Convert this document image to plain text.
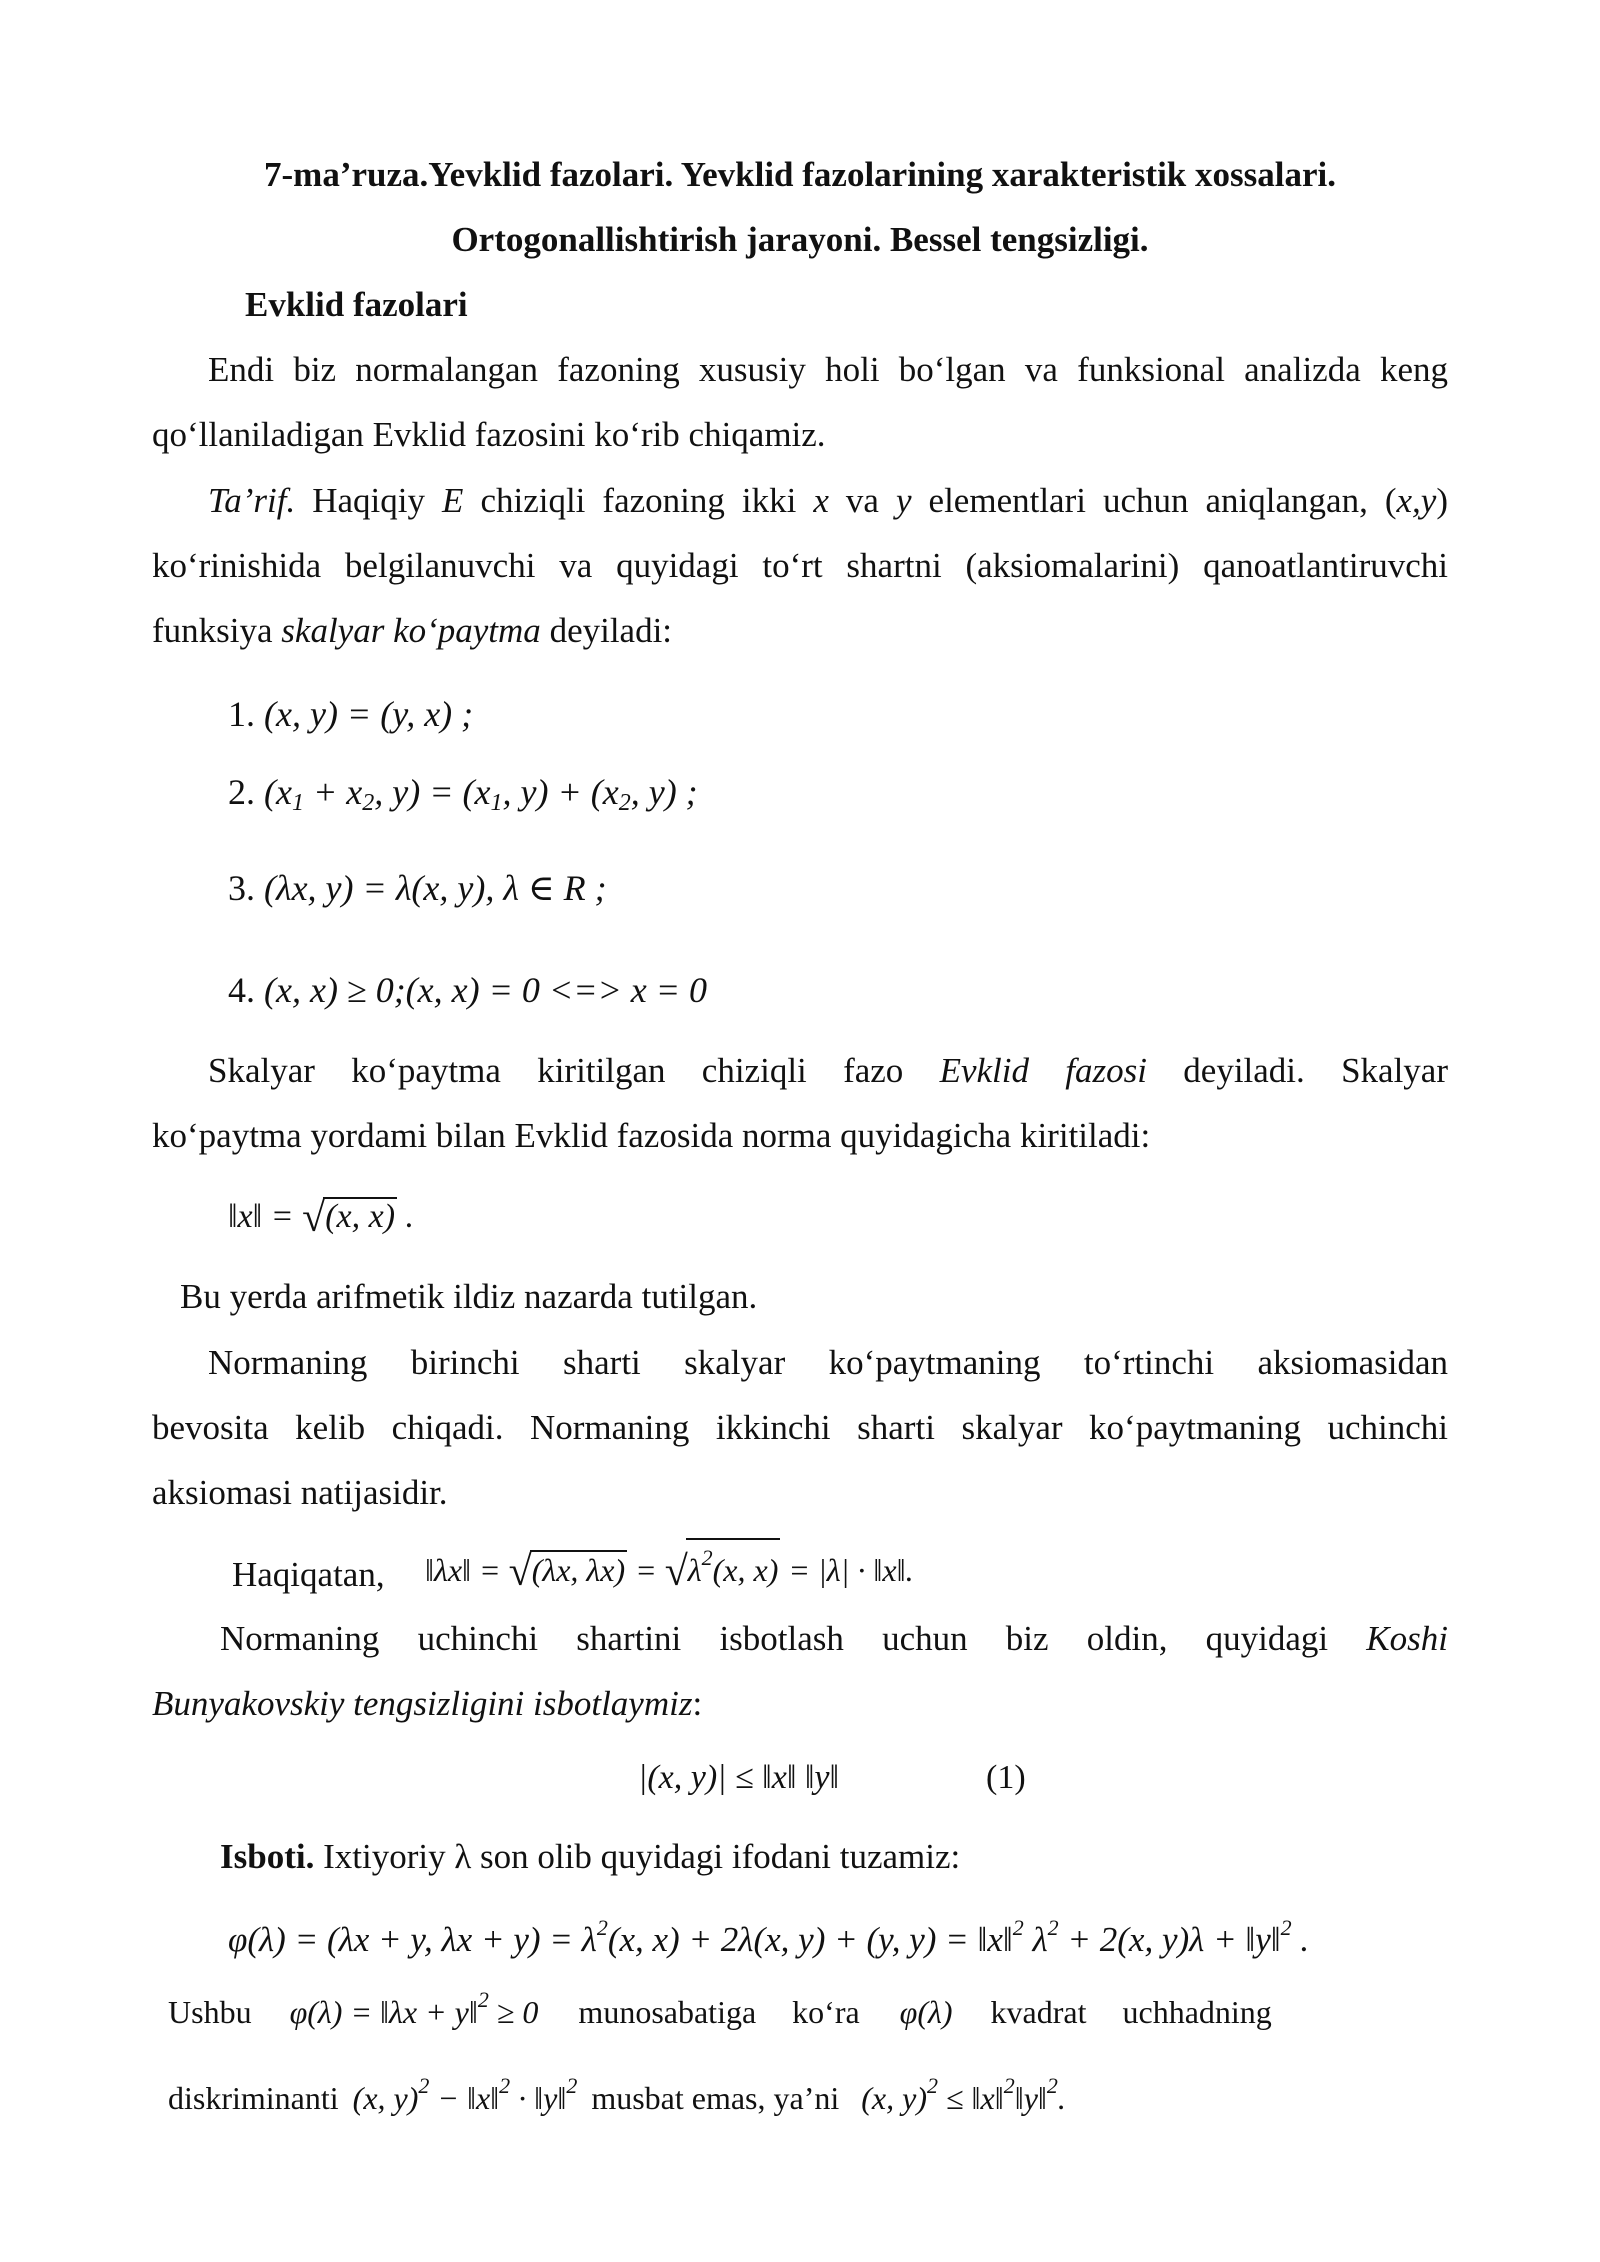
7-ma’ruza.Yevklid fazolari. Yevklid fazolarining xarakteristik xossalari.
Ortogonallishtirish jarayoni. Bessel tengsizligi.
Evklid fazolari
Endi biz normalangan fazoning xususiy holi bo‘lgan va funksional analizda keng
qo‘llaniladigan Evklid fazosini ko‘rib chiqamiz.
Ta’rif. Haqiqiy E chiziqli fazoning ikki x va y elementlari uchun aniqlangan, (x,y)
ko‘rinishida belgilanuvchi va quyidagi to‘rt shartni (aksiomalarini) qanoatlantiruvchi
funksiya skalyar ko‘paytma deyiladi:
1. (x, y) = (y, x) ;
2. ($x_1 + x_2$, $y) = (x_1$, $y) + (x_2$, y) ;
3. (λx, y) = λ(x, y), λ ∈ R ;
4. (x, x) ≥ 0;(x, x) = 0 <=> x = 0
Skalyar ko‘paytma kiritilgan chiziqli fazo Evklid fazosi deyiladi. Skalyar
ko‘paytma yordami bilan Evklid fazosida norma quyidagicha kiritiladi:
‖x‖ = √(x, x) .
Bu yerda arifmetik ildiz nazarda tutilgan.
Normaning birinchi sharti skalyar ko‘paytmaning to‘rtinchi aksiomasidan
bevosita kelib chiqadi. Normaning ikkinchi sharti skalyar ko‘paytmaning uchinchi
aksiomasi natijasidir.
Haqiqatan, ‖λx‖ = √(λx, $\lambda x) = √\lambda^2(x$, x) = |λ| · ‖x‖.
Normaning uchinchi shartini isbotlash uchun biz oldin, quyidagi Koshi
Bunyakovskiy tengsizligini isbotlaymiz:
|(x, y)| ≤ ‖x‖ ‖y‖	(1)
Isboti. Ixtiyoriy λ son olib quyidagi ifodani tuzamiz:
φ(λ) = (λx + y, $\lambda x + y) = \lambda^2(x$, x) + 2λ(x, y) + (y, y) = ‖x‖$^2$ $\lambda^2 + 2(x$, y)λ + ‖y‖$^2$ .
Ushbu φ(λ) = ‖λx + y‖$^2$ ≥ 0 munosabatiga ko‘ra φ(λ) kvadrat uchhadning
diskriminanti (x, y)$^2$ − ‖x‖$^2$ · ‖y‖$^2$ musbat emas, ya’ni (x, y)$^2$ ≤ ‖x‖$^2$‖y‖$^2$.
